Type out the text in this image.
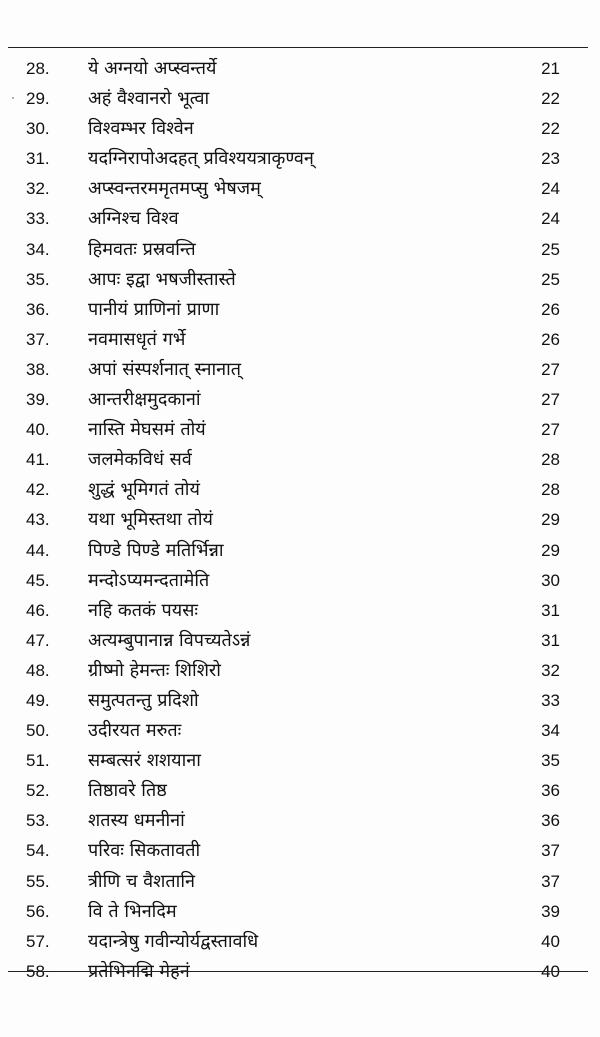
28. ये अग्नयो अप्स्वन्तर्ये	21
29. अहं वैश्वानरो भूत्वा	22
30. विश्वम्भर विश्वेन	22
31. यदग्निरापोअदहत् प्रविश्ययत्राकृण्वन्	23
32. अप्स्वन्तरममृतमप्सु भेषजम्	24
33. अग्निश्च विश्व	24
34. हिमवतः प्रस्रवन्ति	25
35. आपः इद्वा भषजीस्तास्ते	25
36. पानीयं प्राणिनां प्राणा	26
37. नवमासधृतं गर्भे	26
38. अपां संस्पर्शनात् स्नानात्	27
39. आन्तरीक्षमुदकानां	27
40. नास्ति मेघसमं तोयं	27
41. जलमेकविधं सर्व	28
42. शुद्धं भूमिगतं तोयं	28
43. यथा भूमिस्तथा तोयं	29
44. पिण्डे पिण्डे मतिर्भिन्ना	29
45. मन्दोऽप्यमन्दतामेति	30
46. नहि कतकं पयसः	31
47. अत्यम्बुपानान्न विपच्यतेऽन्नं	31
48. ग्रीष्मो हेमन्तः शिशिरो	32
49. समुत्पतन्तु प्रदिशो	33
50. उदीरयत मरुतः	34
51. सम्बत्सरं शशयाना	35
52. तिष्ठावरे तिष्ठ	36
53. शतस्य धमनीनां	36
54. परिवः सिकतावती	37
55. त्रीणि च वैशतानि	37
56. वि ते भिनदिम	39
57. यदान्त्रेषु गवीन्योर्यद्वस्तावधि	40
58. प्रतेभिनद्मि मेहनं	40
